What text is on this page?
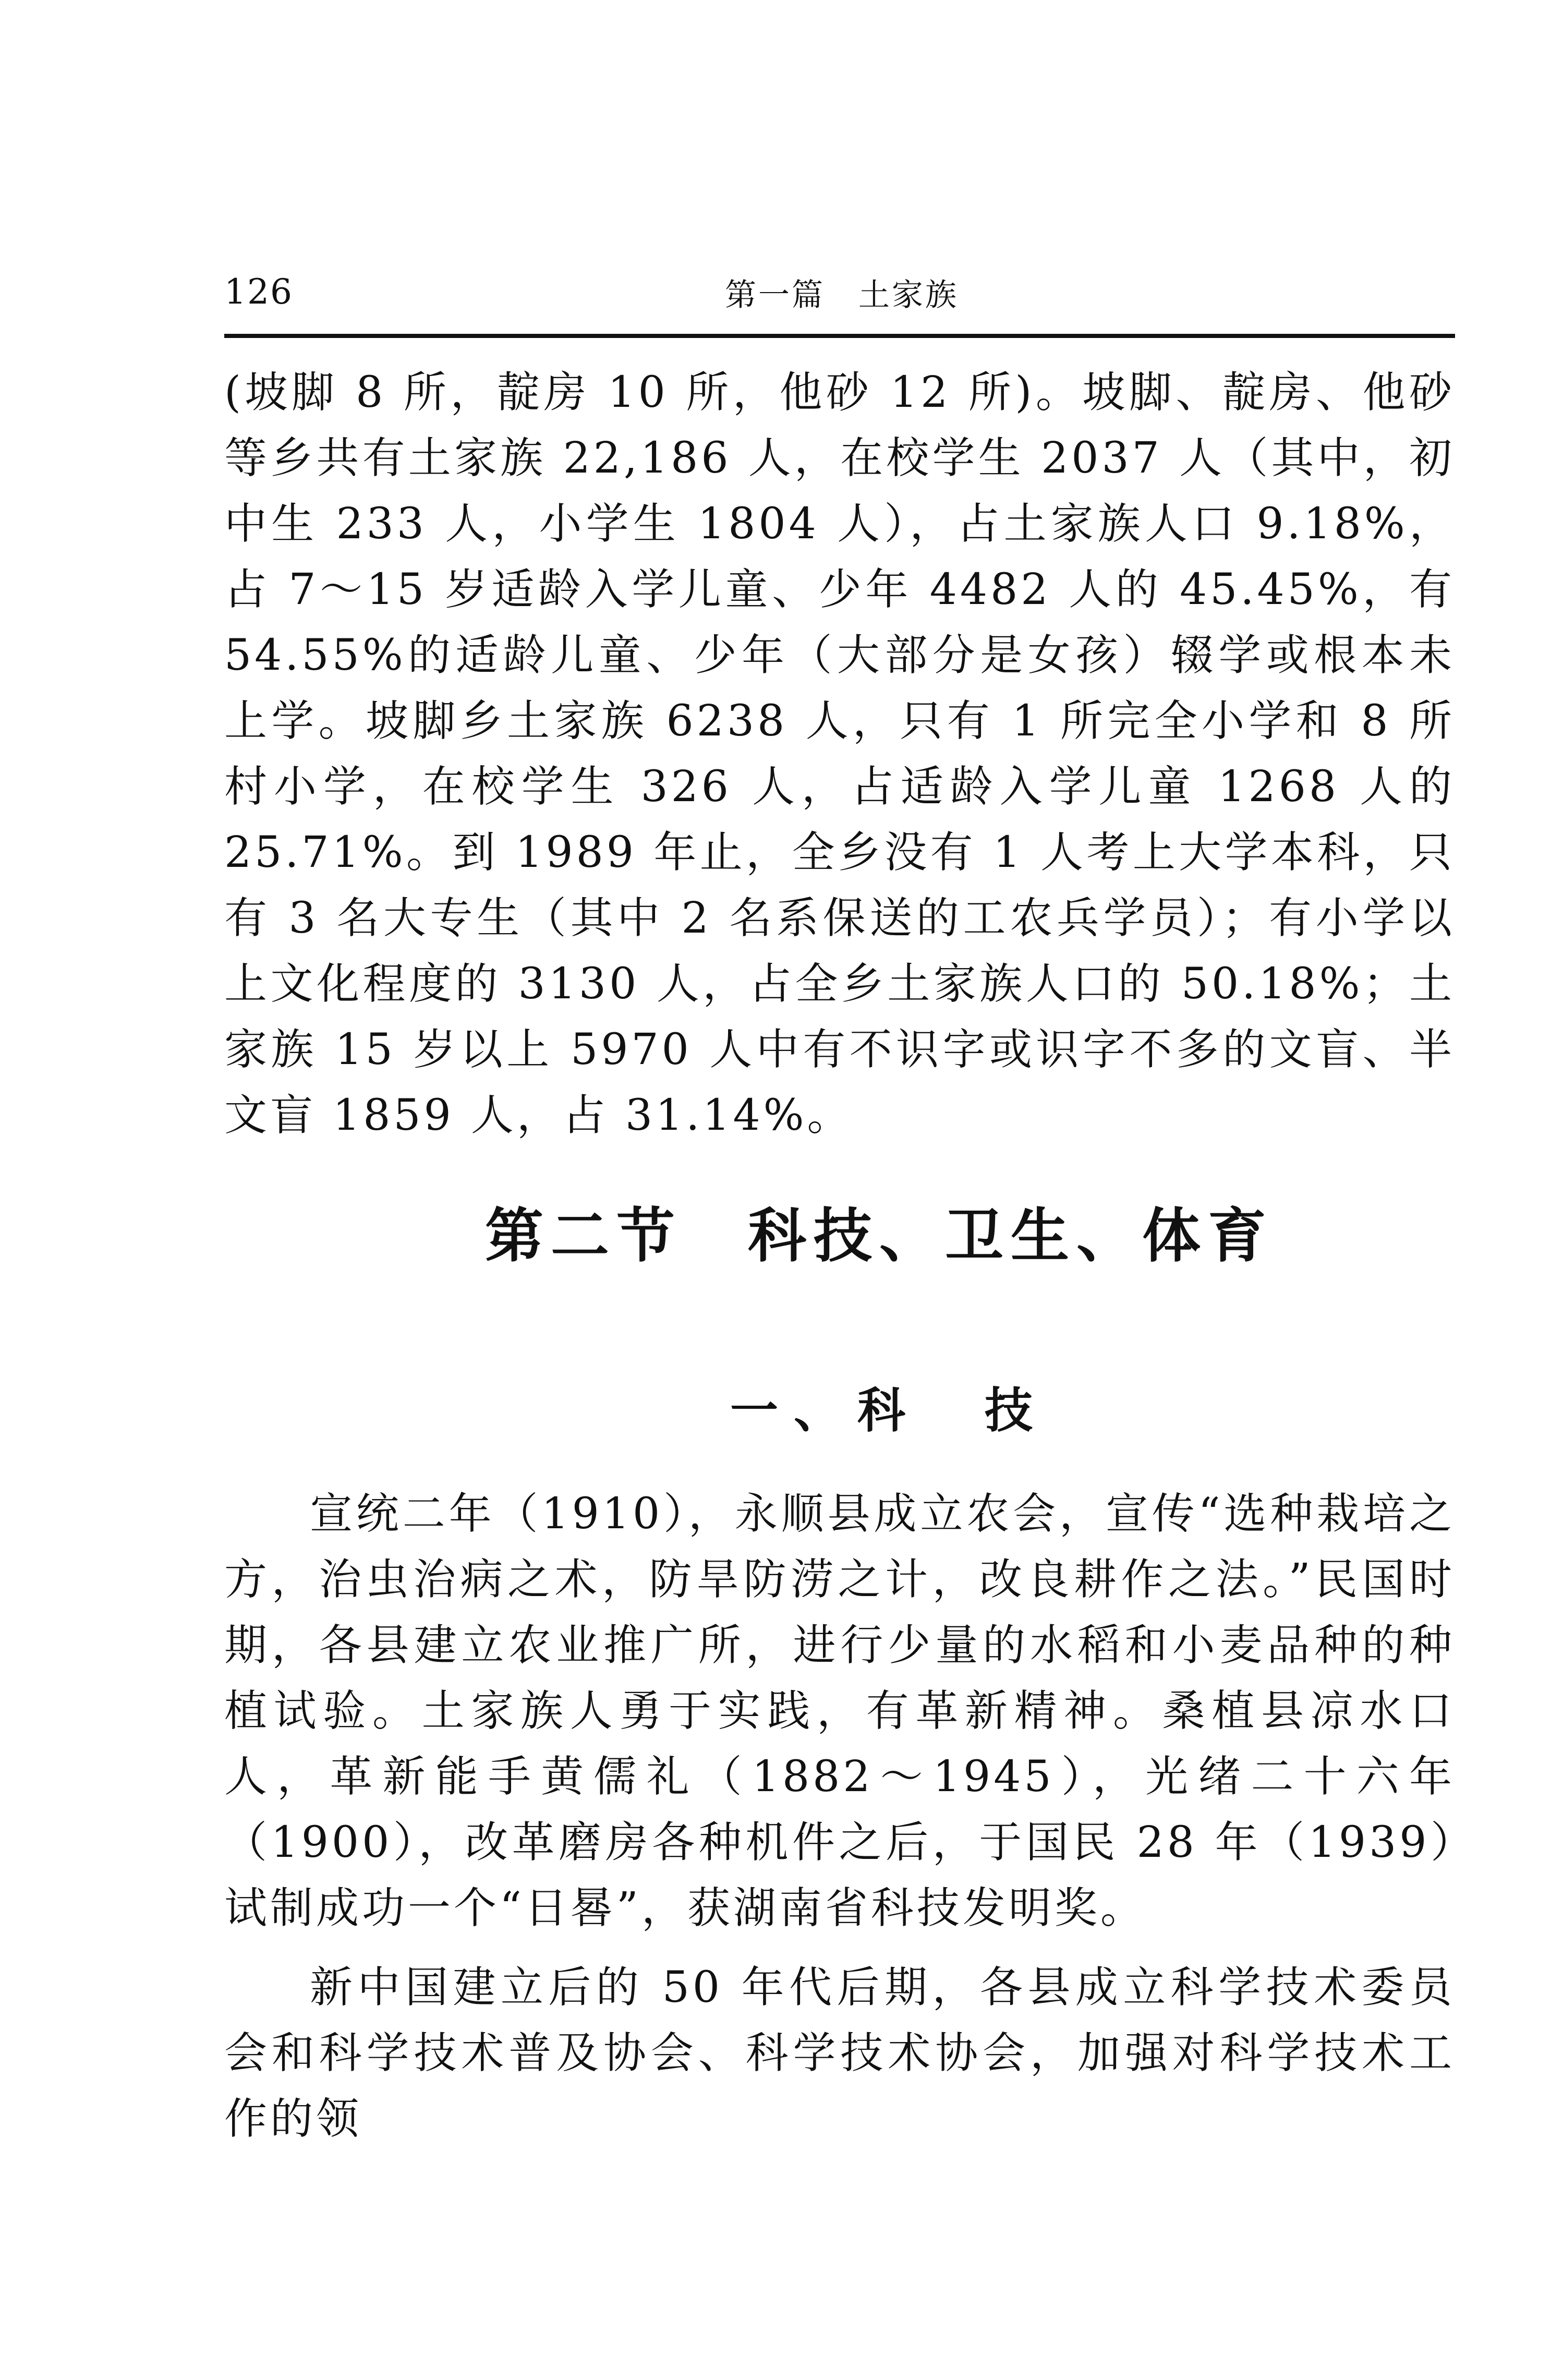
126	第一篇　土家族
(坡脚 8 所，靛房 10 所，他砂 12 所)。坡脚、靛房、他砂等乡共有土家族 22,186 人，在校学生 2037 人（其中，初中生 233 人，小学生 1804 人），占土家族人口 9.18%，占 7～15 岁适龄入学儿童、少年 4482 人的 45.45%，有 54.55%的适龄儿童、少年（大部分是女孩）辍学或根本未上学。坡脚乡土家族 6238 人，只有 1 所完全小学和 8 所村小学，在校学生 326 人，占适龄入学儿童 1268 人的 25.71%。到 1989 年止，全乡没有 1 人考上大学本科，只有 3 名大专生（其中 2 名系保送的工农兵学员）；有小学以上文化程度的 3130 人，占全乡土家族人口的 50.18%；土家族 15 岁以上 5970 人中有不识字或识字不多的文盲、半文盲 1859 人，占 31.14%。
第二节　科技、卫生、体育
一、科　技
宣统二年（1910），永顺县成立农会，宣传“选种栽培之方，治虫治病之术，防旱防涝之计，改良耕作之法。”民国时期，各县建立农业推广所，进行少量的水稻和小麦品种的种植试验。土家族人勇于实践，有革新精神。桑植县凉水口人，革新能手黄儒礼（1882～1945），光绪二十六年（1900），改革磨房各种机件之后，于国民 28 年（1939）试制成功一个“日晷”，获湖南省科技发明奖。
新中国建立后的 50 年代后期，各县成立科学技术委员会和科学技术普及协会、科学技术协会，加强对科学技术工作的领
